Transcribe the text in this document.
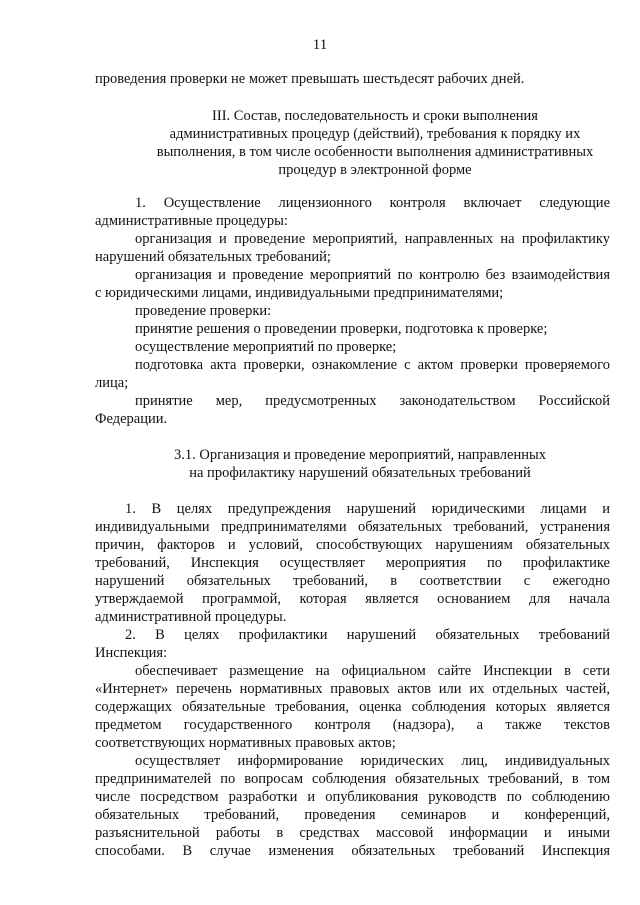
11
проведения проверки не может превышать шестьдесят рабочих дней.
III. Состав, последовательность и сроки выполнения
административных процедур (действий), требования к порядку их
выполнения, в том числе особенности выполнения административных
процедур в электронной форме
1. Осуществление лицензионного контроля включает следующие
административные процедуры:
организация и проведение мероприятий, направленных на профилактику
нарушений обязательных требований;
организация и проведение мероприятий по контролю без взаимодействия
с юридическими лицами, индивидуальными предпринимателями;
проведение проверки:
принятие решения о проведении проверки, подготовка к проверке;
осуществление мероприятий по проверке;
подготовка акта проверки, ознакомление с актом проверки проверяемого
лица;
принятие мер, предусмотренных законодательством Российской
Федерации.
3.1. Организация и проведение мероприятий, направленных
на профилактику нарушений обязательных требований
1. В целях предупреждения нарушений юридическими лицами и
индивидуальными предпринимателями обязательных требований, устранения
причин, факторов и условий, способствующих нарушениям обязательных
требований, Инспекция осуществляет мероприятия по профилактике
нарушений обязательных требований, в соответствии с ежегодно
утверждаемой программой, которая является основанием для начала
административной процедуры.
2. В целях профилактики нарушений обязательных требований
Инспекция:
обеспечивает размещение на официальном сайте Инспекции в сети
«Интернет» перечень нормативных правовых актов или их отдельных частей,
содержащих обязательные требования, оценка соблюдения которых является
предметом государственного контроля (надзора), а также текстов
соответствующих нормативных правовых актов;
осуществляет информирование юридических лиц, индивидуальных
предпринимателей по вопросам соблюдения обязательных требований, в том
числе посредством разработки и опубликования руководств по соблюдению
обязательных требований, проведения семинаров и конференций,
разъяснительной работы в средствах массовой информации и иными
способами. В случае изменения обязательных требований Инспекция
